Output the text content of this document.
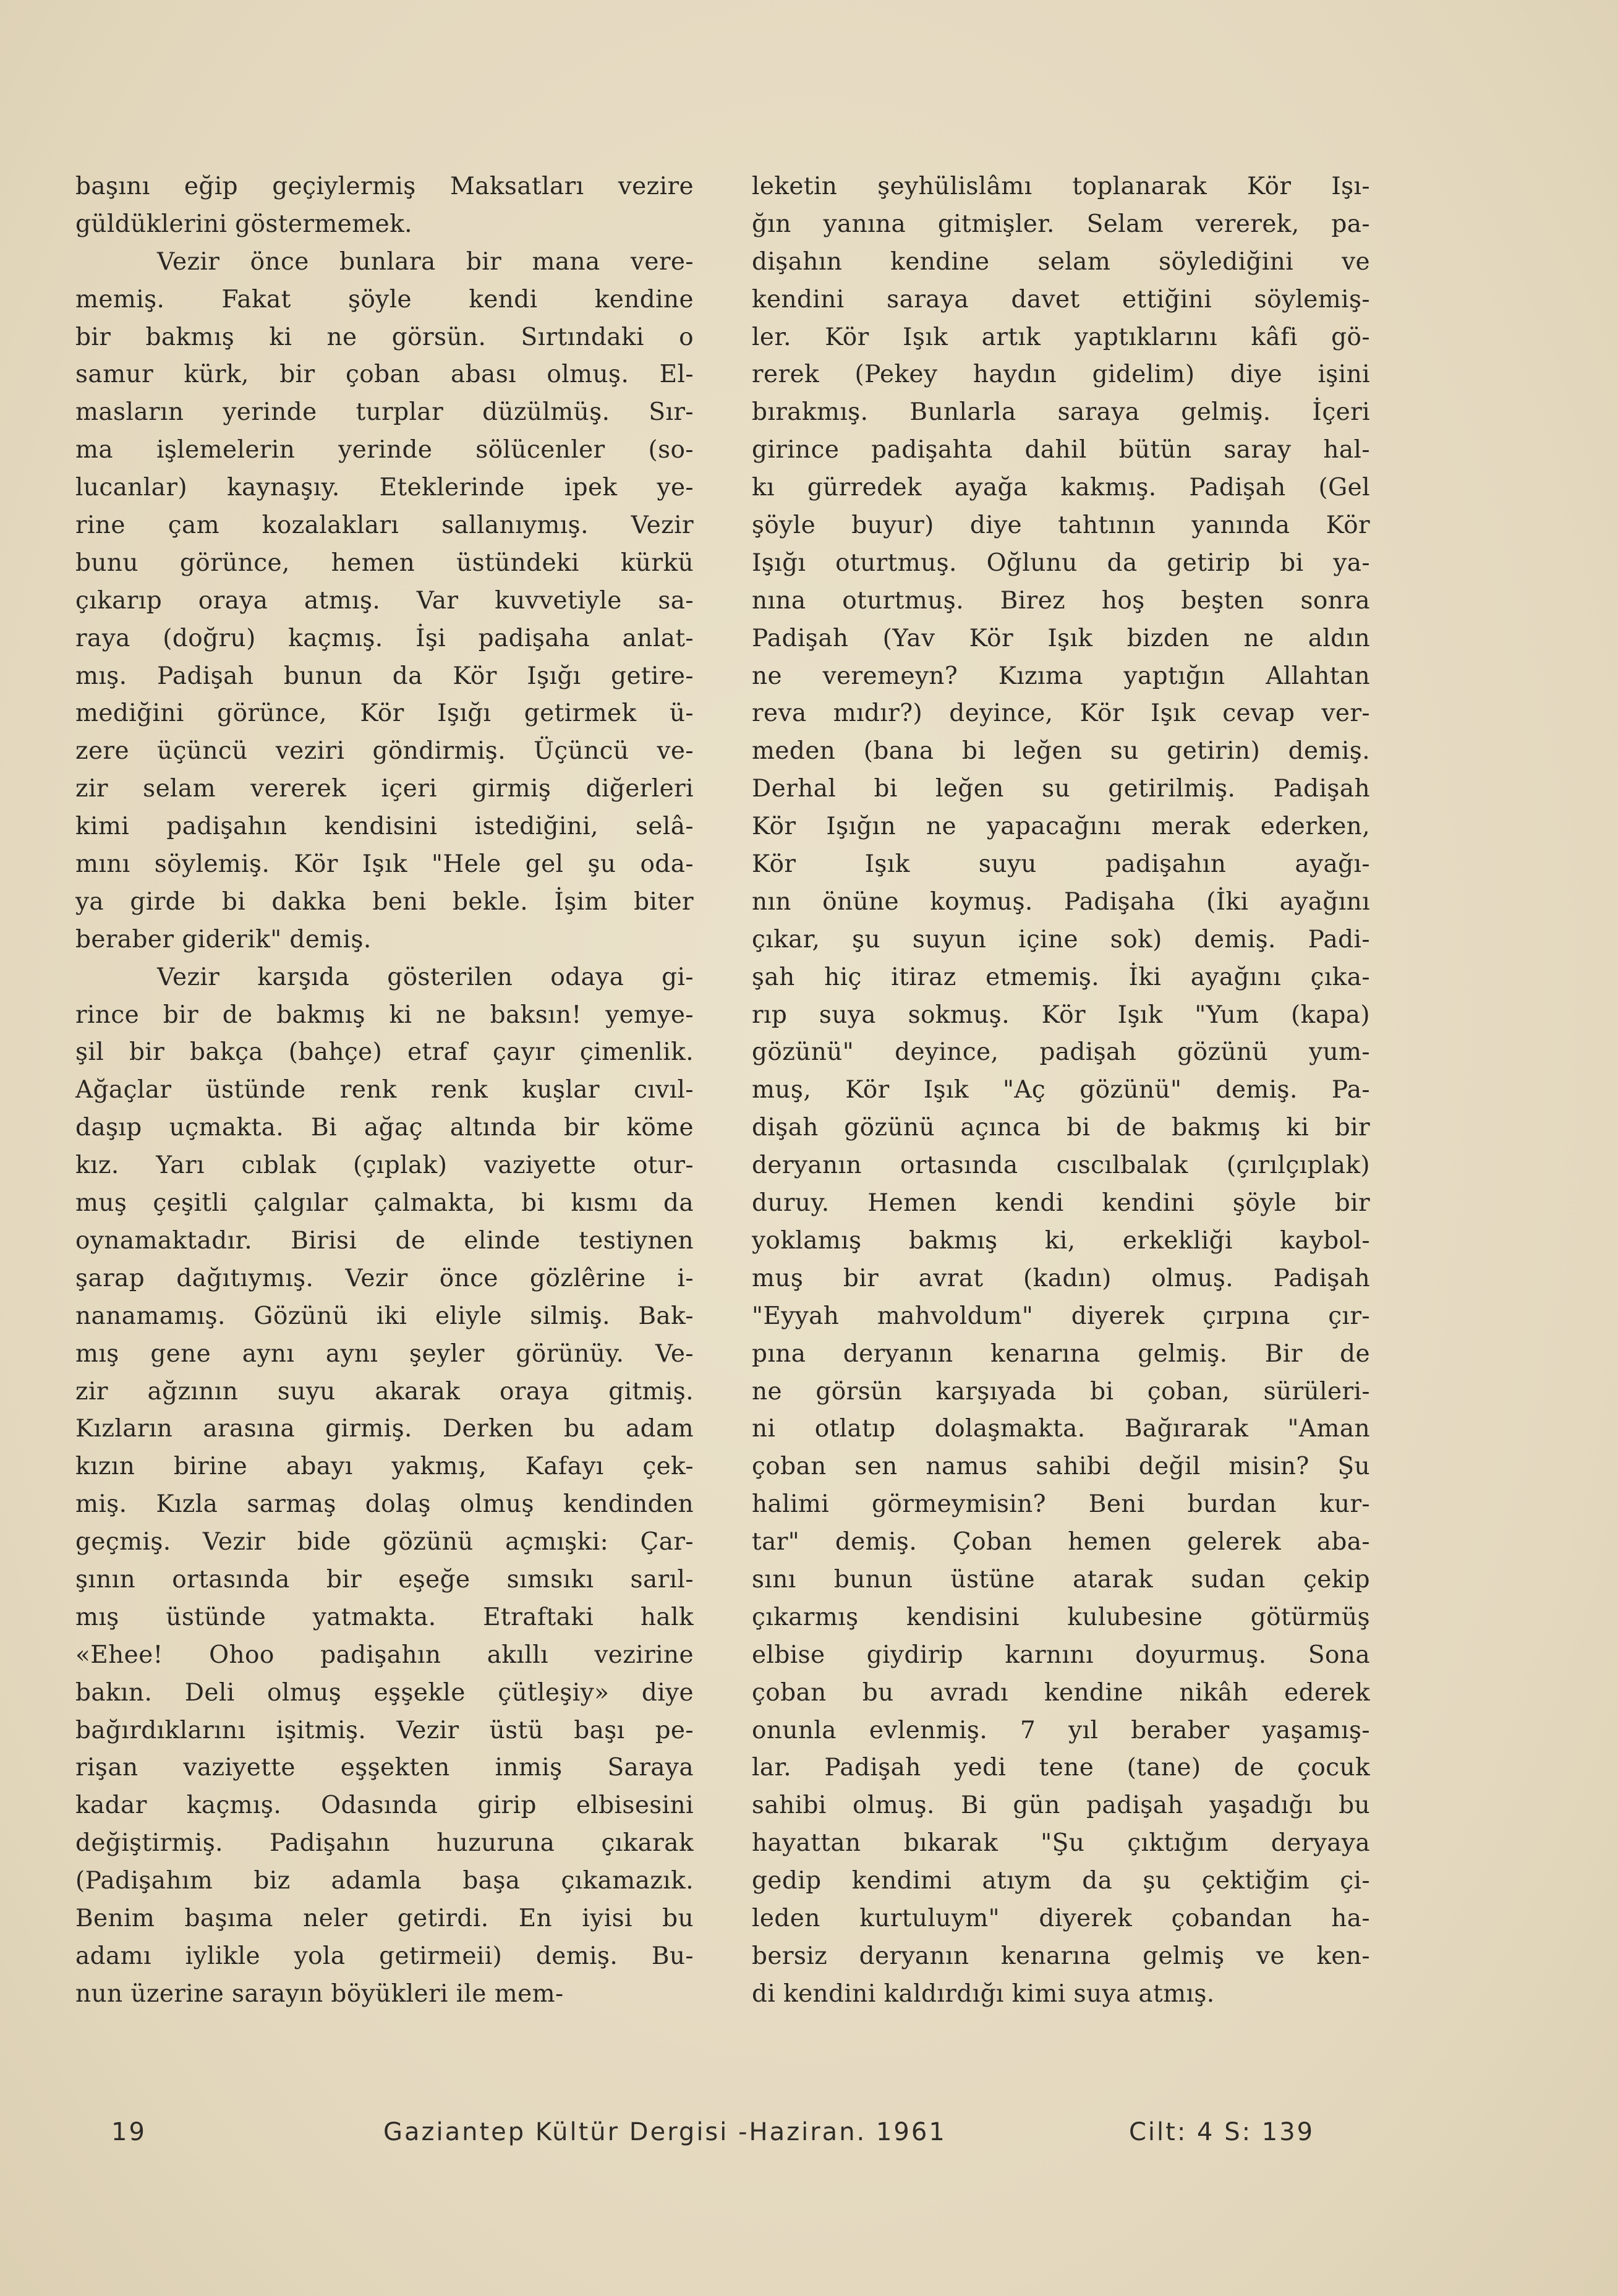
başını eğip geçiylermiş Maksatları vezire
güldüklerini göstermemek.
Vezir önce bunlara bir mana vere-
memiş. Fakat şöyle kendi kendine
bir bakmış ki ne görsün. Sırtındaki o
samur kürk, bir çoban abası olmuş. El-
masların yerinde turplar düzülmüş. Sır-
ma işlemelerin yerinde sölücenler (so-
lucanlar) kaynaşıy. Eteklerinde ipek ye-
rine çam kozalakları sallanıymış. Vezir
bunu görünce, hemen üstündeki kürkü
çıkarıp oraya atmış. Var kuvvetiyle sa-
raya (doğru) kaçmış. İşi padişaha anlat-
mış. Padişah bunun da Kör Işığı getire-
mediğini görünce, Kör Işığı getirmek ü-
zere üçüncü veziri göndirmiş. Üçüncü ve-
zir selam vererek içeri girmiş diğerleri
kimi padişahın kendisini istediğini, selâ-
mını söylemiş. Kör Işık "Hele gel şu oda-
ya girde bi dakka beni bekle. İşim biter
beraber giderik" demiş.
Vezir karşıda gösterilen odaya gi-
rince bir de bakmış ki ne baksın! yemye-
şil bir bakça (bahçe) etraf çayır çimenlik.
Ağaçlar üstünde renk renk kuşlar cıvıl-
daşıp uçmakta. Bi ağaç altında bir köme
kız. Yarı cıblak (çıplak) vaziyette otur-
muş çeşitli çalgılar çalmakta, bi kısmı da
oynamaktadır. Birisi de elinde testiynen
şarap dağıtıymış. Vezir önce gözlêrine i-
nanamamış. Gözünü iki eliyle silmiş. Bak-
mış gene aynı aynı şeyler görünüy. Ve-
zir ağzının suyu akarak oraya gitmiş.
Kızların arasına girmiş. Derken bu adam
kızın birine abayı yakmış, Kafayı çek-
miş. Kızla sarmaş dolaş olmuş kendinden
geçmiş. Vezir bide gözünü açmışki: Çar-
şının ortasında bir eşeğe sımsıkı sarıl-
mış üstünde yatmakta. Etraftaki halk
«Ehee! Ohoo padişahın akıllı vezirine
bakın. Deli olmuş eşşekle çütleşiy» diye
bağırdıklarını işitmiş. Vezir üstü başı pe-
rişan vaziyette eşşekten inmiş Saraya
kadar kaçmış. Odasında girip elbisesini
değiştirmiş. Padişahın huzuruna çıkarak
(Padişahım biz adamla başa çıkamazık.
Benim başıma neler getirdi. En iyisi bu
adamı iylikle yola getirmeii) demiş. Bu-
nun üzerine sarayın böyükleri ile mem-
leketin şeyhülislâmı toplanarak Kör Işı-
ğın yanına gitmişler. Selam vererek, pa-
dişahın kendine selam söylediğini ve
kendini saraya davet ettiğini söylemiş-
ler. Kör Işık artık yaptıklarını kâfi gö-
rerek (Pekey haydın gidelim) diye işini
bırakmış. Bunlarla saraya gelmiş. İçeri
girince padişahta dahil bütün saray hal-
kı gürredek ayağa kakmış. Padişah (Gel
şöyle buyur) diye tahtının yanında Kör
Işığı oturtmuş. Oğlunu da getirip bi ya-
nına oturtmuş. Birez hoş beşten sonra
Padişah (Yav Kör Işık bizden ne aldın
ne veremeyn? Kızıma yaptığın Allahtan
reva mıdır?) deyince, Kör Işık cevap ver-
meden (bana bi leğen su getirin) demiş.
Derhal bi leğen su getirilmiş. Padişah
Kör Işığın ne yapacağını merak ederken,
Kör Işık suyu padişahın ayağı-
nın önüne koymuş. Padişaha (İki ayağını
çıkar, şu suyun içine sok) demiş. Padi-
şah hiç itiraz etmemiş. İki ayağını çıka-
rıp suya sokmuş. Kör Işık "Yum (kapa)
gözünü" deyince, padişah gözünü yum-
muş, Kör Işık "Aç gözünü" demiş. Pa-
dişah gözünü açınca bi de bakmış ki bir
deryanın ortasında cıscılbalak (çırılçıplak)
duruy. Hemen kendi kendini şöyle bir
yoklamış bakmış ki, erkekliği kaybol-
muş bir avrat (kadın) olmuş. Padişah
"Eyyah mahvoldum" diyerek çırpına çır-
pına deryanın kenarına gelmiş. Bir de
ne görsün karşıyada bi çoban, sürüleri-
ni otlatıp dolaşmakta. Bağırarak "Aman
çoban sen namus sahibi değil misin? Şu
halimi görmeymisin? Beni burdan kur-
tar" demiş. Çoban hemen gelerek aba-
sını bunun üstüne atarak sudan çekip
çıkarmış kendisini kulubesine götürmüş
elbise giydirip karnını doyurmuş. Sona
çoban bu avradı kendine nikâh ederek
onunla evlenmiş. 7 yıl beraber yaşamış-
lar. Padişah yedi tene (tane) de çocuk
sahibi olmuş. Bi gün padişah yaşadığı bu
hayattan bıkarak "Şu çıktığım deryaya
gedip kendimi atıym da şu çektiğim çi-
leden kurtuluym" diyerek çobandan ha-
bersiz deryanın kenarına gelmiş ve ken-
di kendini kaldırdığı kimi suya atmış.
19	Gaziantep Kültür Dergisi -Haziran. 1961	Cilt: 4 S: 139
